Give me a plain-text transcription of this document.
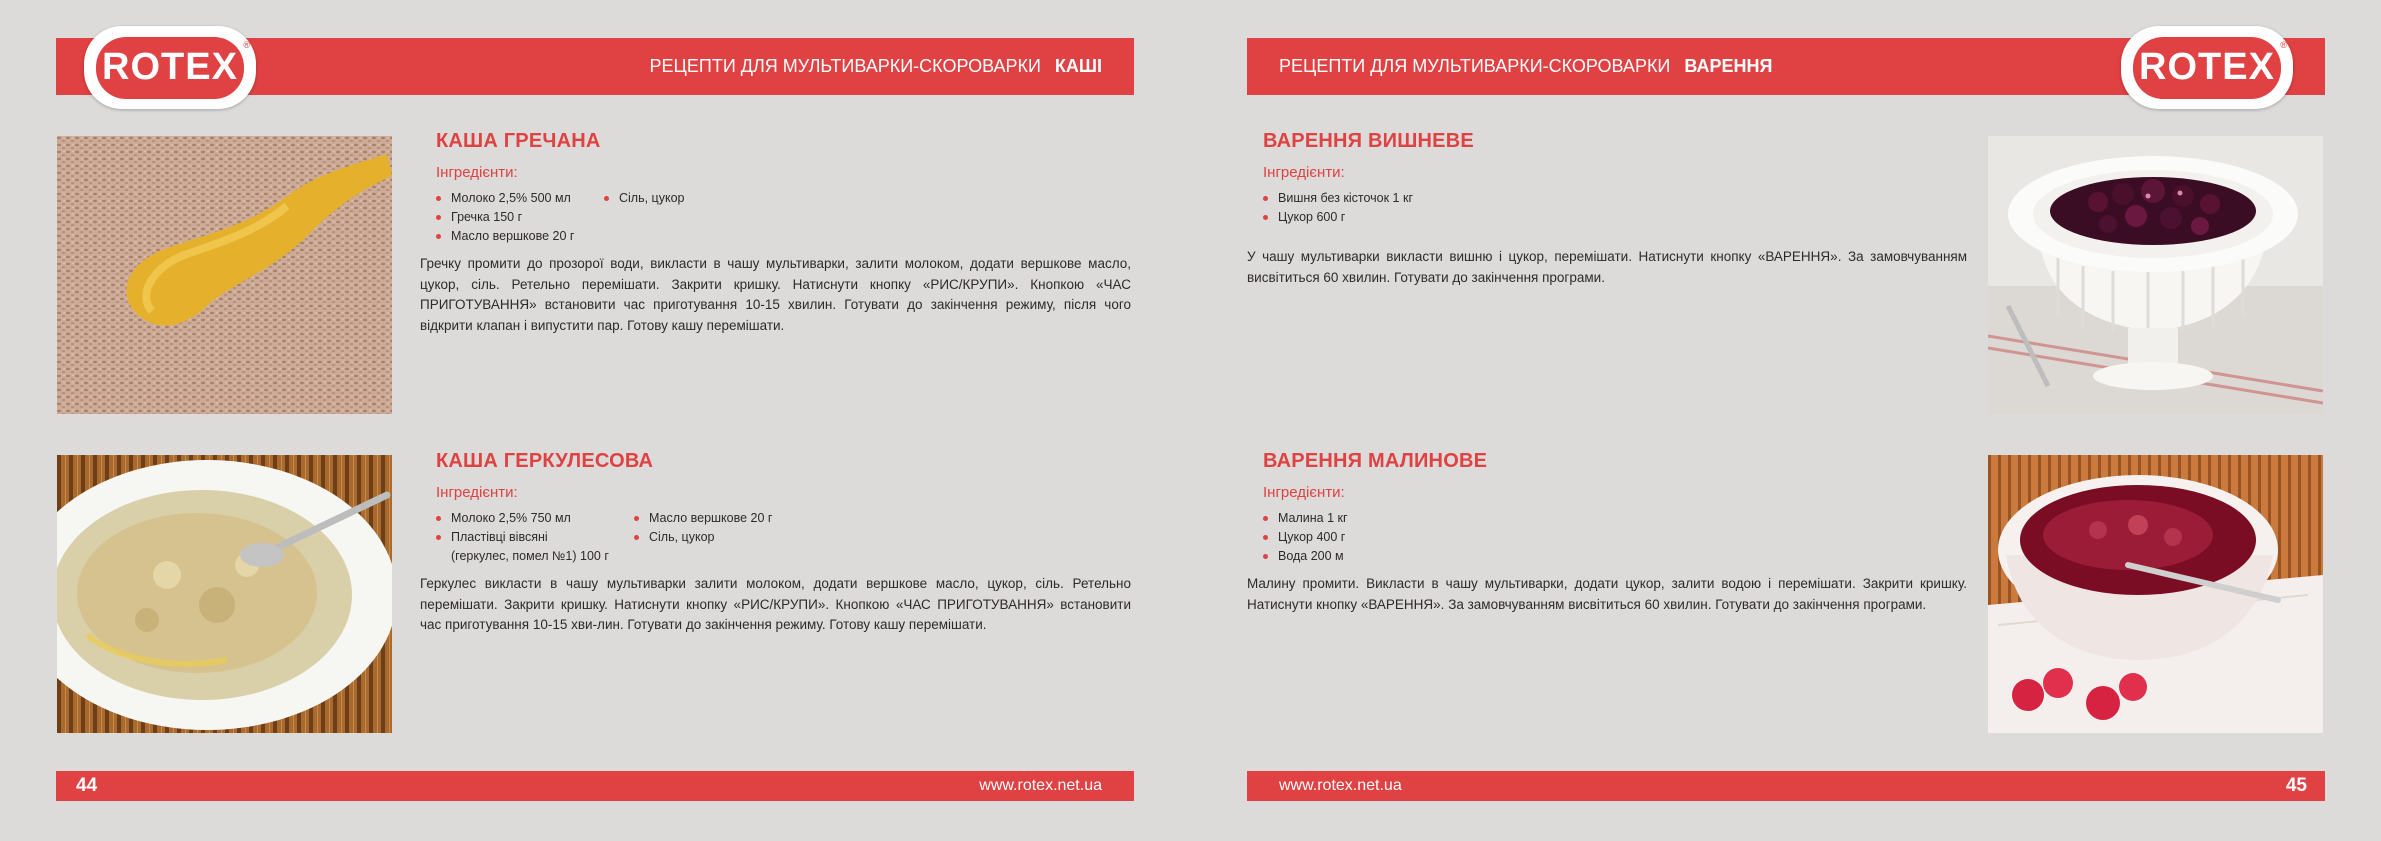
РЕЦЕПТИ ДЛЯ МУЛЬТИВАРКИ-СКОРОВАРКИ КАШІ
ROTEX
®
КАША ГРЕЧАНА
Інгредієнти:
Молоко 2,5% 500 мл
Гречка 150 г
Масло вершкове 20 г
Сіль, цукор

Гречку промити до прозорої води, викласти в чашу мультиварки, залити молоком, додати вершкове масло, цукор, сіль. Ретельно перемішати. Закрити кришку. Натиснути кнопку «РИС/КРУПИ». Кнопкою «ЧАС ПРИГОТУВАННЯ» встановити час приготування 10-15 хвилин. Готувати до закінчення режиму, після чого відкрити клапан і випустити пар. Готову кашу перемішати.

КАША ГЕРКУЛЕСОВА
Інгредієнти:
Молоко 2,5% 750 мл
Пластівці вівсяні
(геркулес, помел №1) 100 г
Масло вершкове 20 г
Сіль, цукор

Геркулес викласти в чашу мультиварки залити молоком, додати вершкове масло, цукор, сіль. Ретельно перемішати. Закрити кришку. Натиснути кнопку «РИС/КРУПИ». Кнопкою «ЧАС ПРИГОТУВАННЯ» встановити час приготування 10-15 хви-лин. Готувати до закінчення режиму. Готову кашу перемішати.

44	www.rotex.net.ua
РЕЦЕПТИ ДЛЯ МУЛЬТИВАРКИ-СКОРОВАРКИ ВАРЕННЯ	ROTEX
®
ВАРЕННЯ ВИШНЕВЕ
Інгредієнти:
Вишня без кісточок 1 кг
Цукор 600 г

У чашу мультиварки викласти вишню і цукор, перемішати. Натиснути кнопку «ВАРЕННЯ». За замовчуванням висвітиться 60 хвилин. Готувати до закінчення програми.

ВАРЕННЯ МАЛИНОВЕ
Інгредієнти:
Малина 1 кг
Цукор 400 г
Вода 200 м

Малину промити. Викласти в чашу мультиварки, додати цукор, залити водою і перемішати. Закрити кришку. Натиснути кнопку «ВАРЕННЯ». За замовчуванням висвітиться 60 хвилин. Готувати до закінчення програми.

www.rotex.net.ua	45
